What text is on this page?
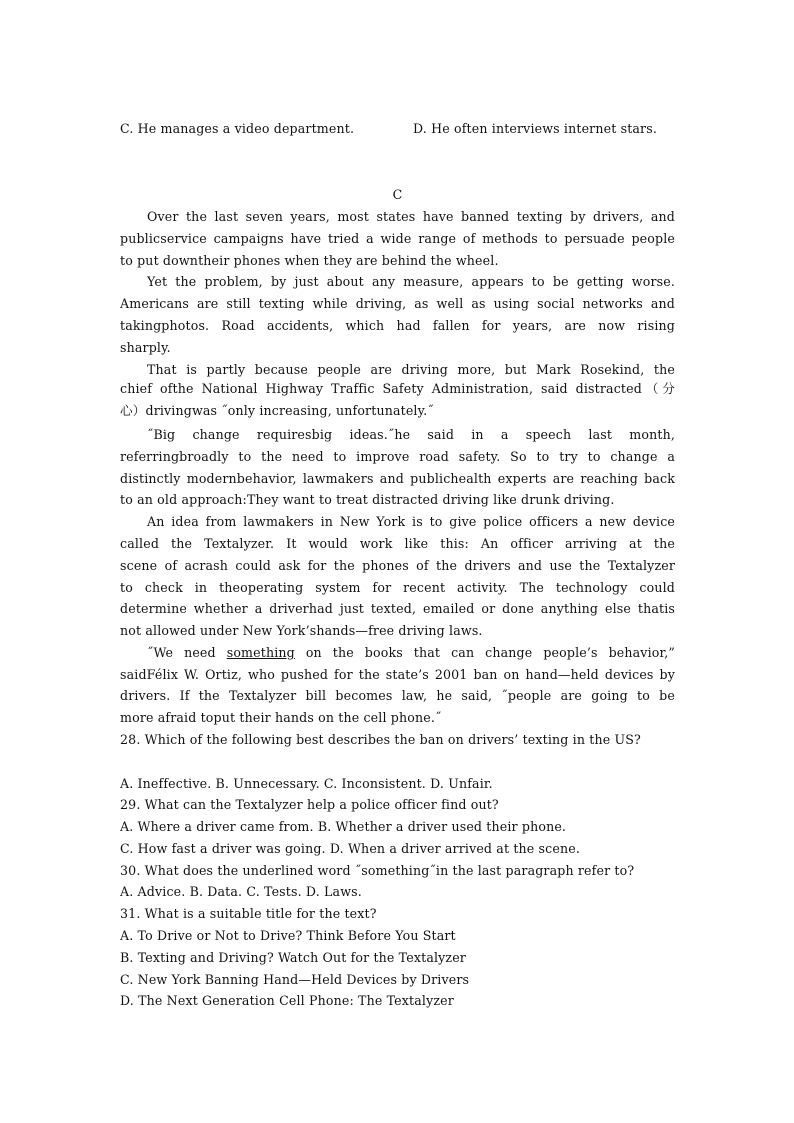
C. He manages a video department.	D. He often interviews internet stars.
C
Over the last seven years, most states have banned texting by drivers, and
publicservice campaigns have tried a wide range of methods to persuade people
to put downtheir phones when they are behind the wheel.
Yet the problem, by just about any measure, appears to be getting worse.
Americans are still texting while driving, as well as using social networks and
takingphotos. Road accidents, which had fallen for years, are now rising
sharply.
That is partly because people are driving more, but Mark Rosekind, the
chief ofthe National Highway Traffic Safety Administration, said distracted（分
心）drivingwas ˝only increasing, unfortunately.˝
˝Big change requiresbig ideas.˝he said in a speech last month,
referringbroadly to the need to improve road safety. So to try to change a
distinctly modernbehavior, lawmakers and publichealth experts are reaching back
to an old approach:They want to treat distracted driving like drunk driving.
An idea from lawmakers in New York is to give police officers a new device
called the Textalyzer. It would work like this: An officer arriving at the
scene of acrash could ask for the phones of the drivers and use the Textalyzer
to check in theoperating system for recent activity. The technology could
determine whether a driverhad just texted, emailed or done anything else thatis
not allowed under New York’shands—free driving laws.
˝We need something on the books that can change people’s behavior,”
saidFélix W. Ortiz, who pushed for the state’s 2001 ban on hand—held devices by
drivers. If the Textalyzer bill becomes law, he said, ˝people are going to be
more afraid toput their hands on the cell phone.˝
28. Which of the following best describes the ban on drivers’ texting in the US?
A. Ineffective. B. Unnecessary. C. Inconsistent. D. Unfair.
29. What can the Textalyzer help a police officer find out?
A. Where a driver came from. B. Whether a driver used their phone.
C. How fast a driver was going. D. When a driver arrived at the scene.
30. What does the underlined word ˝something˝in the last paragraph refer to?
A. Advice. B. Data. C. Tests. D. Laws.
31. What is a suitable title for the text?
A. To Drive or Not to Drive? Think Before You Start
B. Texting and Driving? Watch Out for the Textalyzer
C. New York Banning Hand—Held Devices by Drivers
D. The Next Generation Cell Phone: The Textalyzer
